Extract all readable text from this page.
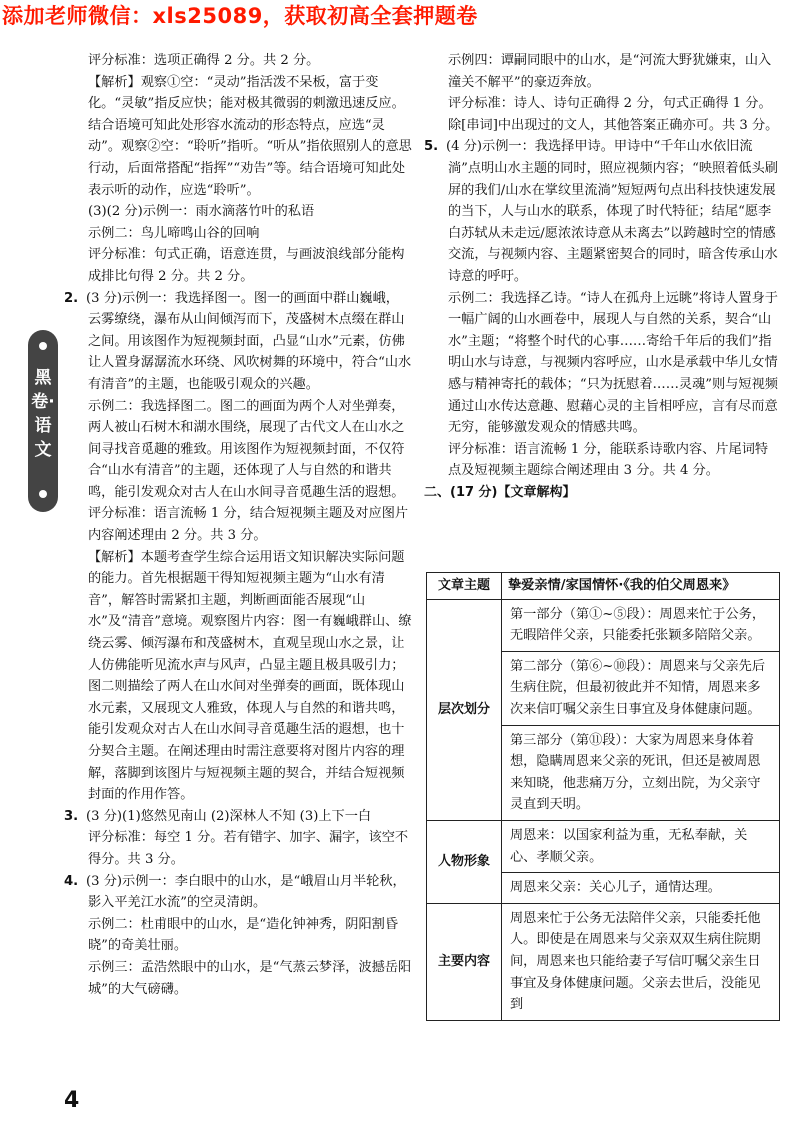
添加老师微信：xls25089，获取初高全套押题卷
黑卷·语文

评分标准：选项正确得 2 分。共 2 分。

【解析】观察①空：“灵动”指活泼不呆板，富于变化。“灵敏”指反应快；能对极其微弱的刺激迅速反应。结合语境可知此处形容水流动的形态特点，应选“灵动”。观察②空：“聆听”指听。“听从”指依照别人的意思行动，后面常搭配“指挥”“劝告”等。结合语境可知此处表示听的动作，应选“聆听”。

(3)(2 分)示例一：雨水滴落竹叶的私语

示例二：鸟儿啼鸣山谷的回响

评分标准：句式正确，语意连贯，与画波浪线部分能构成排比句得 2 分。共 2 分。

2. (3 分)示例一：我选择图一。图一的画面中群山巍峨，云雾缭绕，瀑布从山间倾泻而下，茂盛树木点缀在群山之间。用该图作为短视频封面，凸显“山水”元素，仿佛让人置身潺潺流水环绕、风吹树舞的环境中，符合“山水有清音”的主题，也能吸引观众的兴趣。

示例二：我选择图二。图二的画面为两个人对坐弹奏，两人被山石树木和湖水围绕，展现了古代文人在山水之间寻找音觅趣的雅致。用该图作为短视频封面，不仅符合“山水有清音”的主题，还体现了人与自然的和谐共鸣，能引发观众对古人在山水间寻音觅趣生活的遐想。

评分标准：语言流畅 1 分，结合短视频主题及对应图片内容阐述理由 2 分。共 3 分。

【解析】本题考查学生综合运用语文知识解决实际问题的能力。首先根据题干得知短视频主题为“山水有清音”，解答时需紧扣主题，判断画面能否展现“山水”及“清音”意境。观察图片内容：图一有巍峨群山、缭绕云雾、倾泻瀑布和茂盛树木，直观呈现山水之景，让人仿佛能听见流水声与风声，凸显主题且极具吸引力；图二则描绘了两人在山水间对坐弹奏的画面，既体现山水元素，又展现文人雅致，体现人与自然的和谐共鸣，能引发观众对古人在山水间寻音觅趣生活的遐想，也十分契合主题。在阐述理由时需注意要将对图片内容的理解，落脚到该图片与短视频主题的契合，并结合短视频封面的作用作答。

3. (3 分)(1)悠然见南山 (2)深林人不知 (3)上下一白

评分标准：每空 1 分。若有错字、加字、漏字，该空不得分。共 3 分。

4. (3 分)示例一：李白眼中的山水，是“峨眉山月半轮秋，影入平羌江水流”的空灵清朗。

示例二：杜甫眼中的山水，是“造化钟神秀，阴阳割昏晓”的奇美壮丽。

示例三：孟浩然眼中的山水，是“气蒸云梦泽，波撼岳阳城”的大气磅礴。

示例四：谭嗣同眼中的山水，是“河流大野犹嫌束，山入潼关不解平”的豪迈奔放。

评分标准：诗人、诗句正确得 2 分，句式正确得 1 分。除[串词]中出现过的文人，其他答案正确亦可。共 3 分。

5. (4 分)示例一：我选择甲诗。甲诗中“千年山水依旧流淌”点明山水主题的同时，照应视频内容；“映照着低头刷屏的我们/山水在掌纹里流淌”短短两句点出科技快速发展的当下，人与山水的联系，体现了时代特征；结尾“愿李白苏轼从未走远/愿浓浓诗意从未离去”以跨越时空的情感交流，与视频内容、主题紧密契合的同时，暗含传承山水诗意的呼吁。

示例二：我选择乙诗。“诗人在孤舟上远眺”将诗人置身于一幅广阔的山水画卷中，展现人与自然的关系，契合“山水”主题；“将整个时代的心事……寄给千年后的我们”指明山水与诗意，与视频内容呼应，山水是承载中华儿女情感与精神寄托的载体；“只为抚慰着……灵魂”则与短视频通过山水传达意趣、慰藉心灵的主旨相呼应，言有尽而意无穷，能够激发观众的情感共鸣。

评分标准：语言流畅 1 分，能联系诗歌内容、片尾词特点及短视频主题综合阐述理由 3 分。共 4 分。

二、(17 分)【文章解构】

文章主题	挚爱亲情/家国情怀·《我的伯父周恩来》
层次划分	第一部分（第①~⑤段）：周恩来忙于公务，无暇陪伴父亲，只能委托张颖多陪陪父亲。
第二部分（第⑥~⑩段）：周恩来与父亲先后生病住院，但最初彼此并不知情，周恩来多次来信叮嘱父亲生日事宜及身体健康问题。
第三部分（第⑪段）：大家为周恩来身体着想，隐瞒周恩来父亲的死讯，但还是被周恩来知晓，他悲痛万分，立刻出院，为父亲守灵直到天明。

人物形象	周恩来：以国家利益为重，无私奉献，关心、孝顺父亲。
周恩来父亲：关心儿子，通情达理。

主要内容	周恩来忙于公务无法陪伴父亲，只能委托他人。即使是在周恩来与父亲双双生病住院期间，周恩来也只能给妻子写信叮嘱父亲生日事宜及身体健康问题。父亲去世后，没能见到
4
